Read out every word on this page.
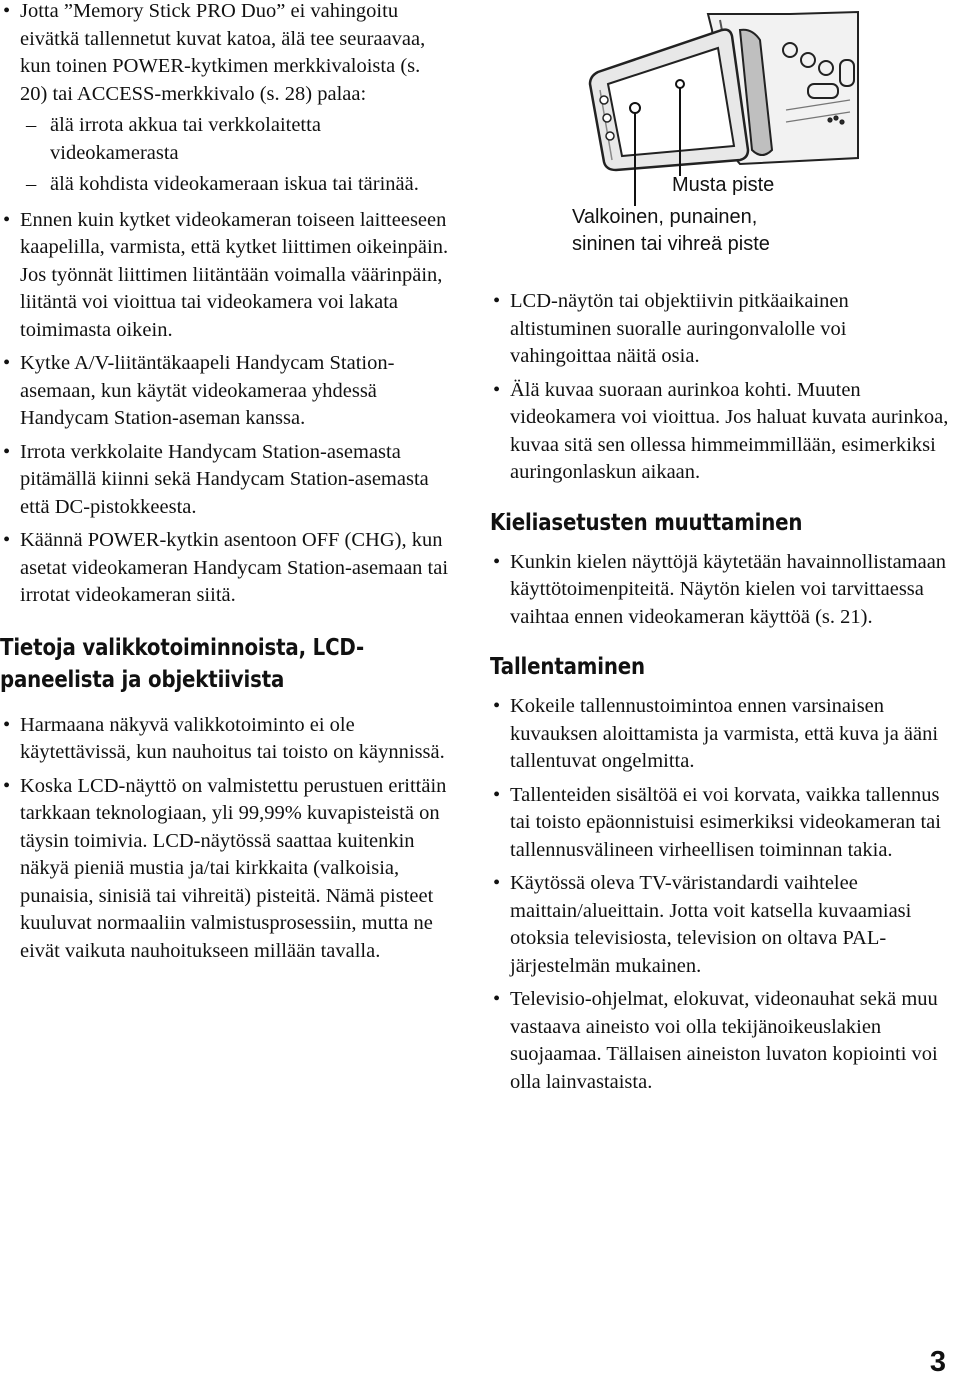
• Jotta ”Memory Stick PRO Duo” ei vahingoitu eivätkä tallennetut kuvat katoa, älä tee seuraavaa, kun toinen POWER-kytkimen merkkivaloista (s. 20) tai ACCESS-merkkivalo (s. 28) palaa:
– älä irrota akkua tai verkkolaitetta videokamerasta
– älä kohdista videokameraan iskua tai tärinää.
• Ennen kuin kytket videokameran toiseen laitteeseen kaapelilla, varmista, että kytket liittimen oikeinpäin. Jos työnnät liittimen liitäntään voimalla väärinpäin, liitäntä voi vioittua tai videokamera voi lakata toimimasta oikein.
• Kytke A/V-liitäntäkaapeli Handycam Station-asemaan, kun käytät videokameraa yhdessä Handycam Station-aseman kanssa.
• Irrota verkkolaite Handycam Station-asemasta pitämällä kiinni sekä Handycam Station-asemasta että DC-pistokkeesta.
• Käännä POWER-kytkin asentoon OFF (CHG), kun asetat videokameran Handycam Station-asemaan tai irrotat videokameran siitä.
Tietoja valikkotoiminnoista, LCD-paneelista ja objektiivista
• Harmaana näkyvä valikkotoiminto ei ole käytettävissä, kun nauhoitus tai toisto on käynnissä.
• Koska LCD-näyttö on valmistettu perustuen erittäin tarkkaan teknologiaan, yli 99,99% kuvapisteistä on täysin toimivia. LCD-näytössä saattaa kuitenkin näkyä pieniä mustia ja/tai kirkkaita (valkoisia, punaisia, sinisiä tai vihreitä) pisteitä. Nämä pisteet kuuluvat normaaliin valmistusprosessiin, mutta ne eivät vaikuta nauhoitukseen millään tavalla.
Musta piste
Valkoinen, punainen,
sininen tai vihreä piste
• LCD-näytön tai objektiivin pitkäaikainen altistuminen suoralle auringonvalolle voi vahingoittaa näitä osia.
• Älä kuvaa suoraan aurinkoa kohti. Muuten videokamera voi vioittua. Jos haluat kuvata aurinkoa, kuvaa sitä sen ollessa himmeimmillään, esimerkiksi auringonlaskun aikaan.
Kieliasetusten muuttaminen
• Kunkin kielen näyttöjä käytetään havainnollistamaan käyttötoimenpiteitä. Näytön kielen voi tarvittaessa vaihtaa ennen videokameran käyttöä (s. 21).
Tallentaminen
• Kokeile tallennustoimintoa ennen varsinaisen kuvauksen aloittamista ja varmista, että kuva ja ääni tallentuvat ongelmitta.
• Tallenteiden sisältöä ei voi korvata, vaikka tallennus tai toisto epäonnistuisi esimerkiksi videokameran tai tallennusvälineen virheellisen toiminnan takia.
• Käytössä oleva TV-väristandardi vaihtelee maittain/alueittain. Jotta voit katsella kuvaamiasi otoksia televisiosta, television on oltava PAL-järjestelmän mukainen.
• Televisio-ohjelmat, elokuvat, videonauhat sekä muu vastaava aineisto voi olla tekijänoikeuslakien suojaamaa. Tällaisen aineiston luvaton kopiointi voi olla lainvastaista.
3
